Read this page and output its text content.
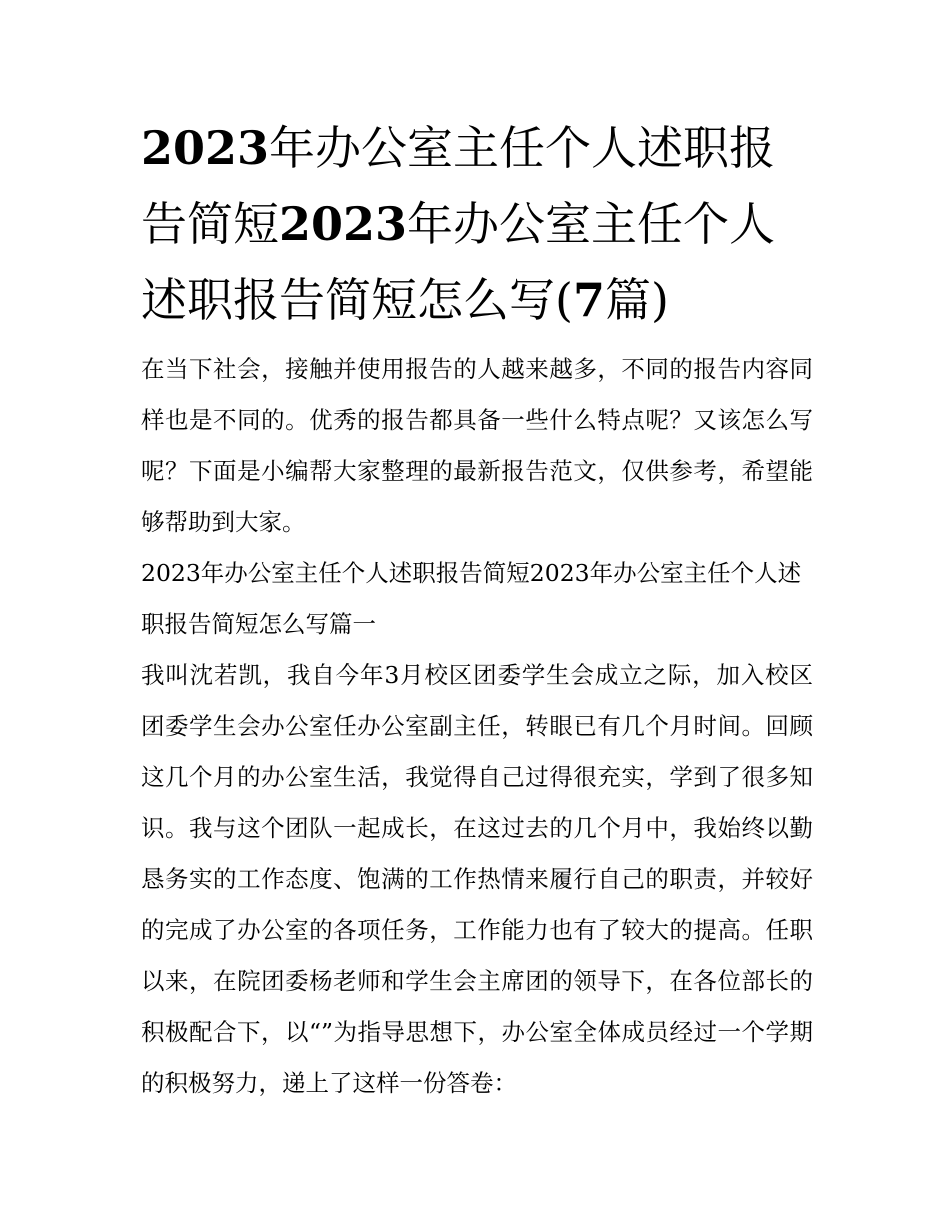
2023年办公室主任个人述职报告简短2023年办公室主任个人述职报告简短怎么写(7篇)

在当下社会，接触并使用报告的人越来越多，不同的报告内容同样也是不同的。优秀的报告都具备一些什么特点呢？又该怎么写呢？下面是小编帮大家整理的最新报告范文，仅供参考，希望能够帮助到大家。

2023年办公室主任个人述职报告简短2023年办公室主任个人述职报告简短怎么写篇一

我叫沈若凯，我自今年3月校区团委学生会成立之际，加入校区团委学生会办公室任办公室副主任，转眼已有几个月时间。回顾这几个月的办公室生活，我觉得自己过得很充实，学到了很多知识。我与这个团队一起成长，在这过去的几个月中，我始终以勤恳务实的工作态度、饱满的工作热情来履行自己的职责，并较好的完成了办公室的各项任务，工作能力也有了较大的提高。任职以来，在院团委杨老师和学生会主席团的领导下，在各位部长的积极配合下，以“”为指导思想下，办公室全体成员经过一个学期的积极努力，递上了这样一份答卷：
